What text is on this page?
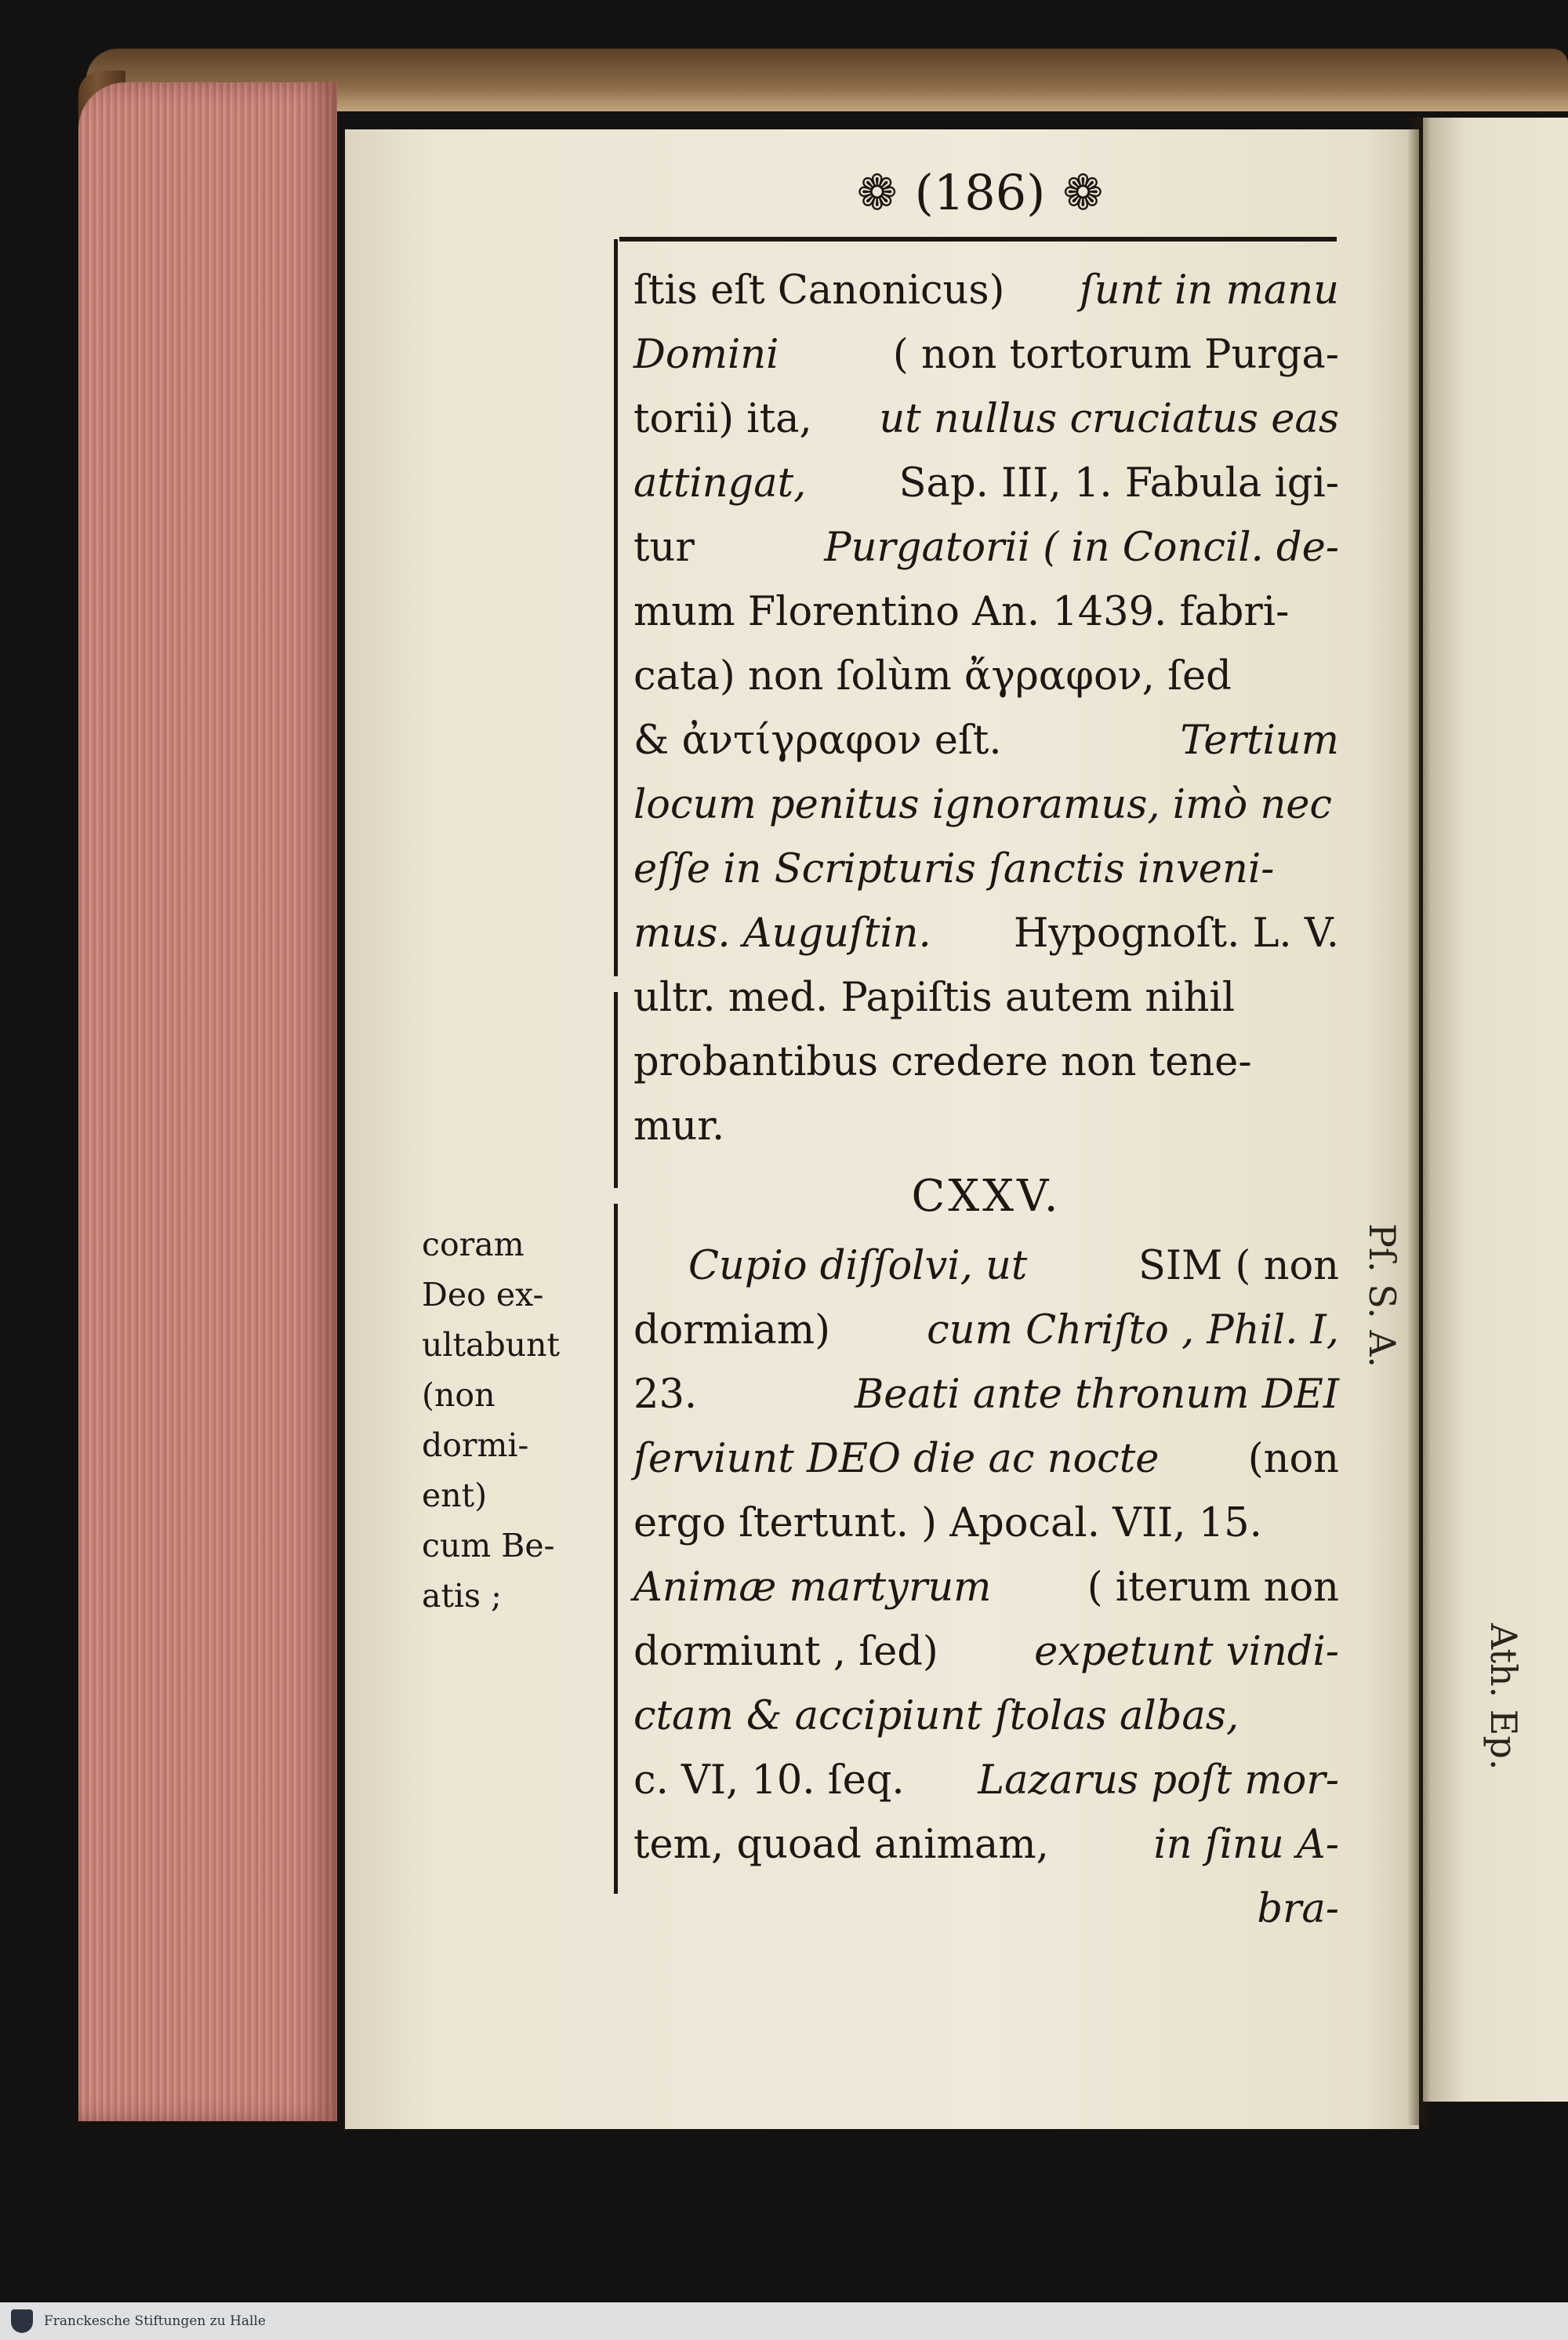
❁ (186) ❁
ſtis eſt Canonicus) ſunt in manu
Domini	( non tortorum Purga-
torii) ita, ut nullus cruciatus eas
attingat, Sap. III, 1. Fabula igi-
tur	Purgatorii ( in Concil. de-
mum Florentino An. 1439. fabri-
cata) non ſolùm ἄγραφον, ſed
& ἀντίγραφον eſt.	Tertium
locum penitus ignoramus, imò nec
eſſe in Scripturis ſanctis inveni-
mus. Auguſtin. Hypognoſt. L. V.
ultr. med. Papiſtis autem nihil
probantibus credere non tene-
mur.
CXXV.
Cupio diſſolvi, ut	SIM ( non
dormiam) cum Chriſto , Phil. I,
23.	Beati ante thronum DEI
ſerviunt DEO die ac nocte (non
ergo ſtertunt. ) Apocal. VII, 15.
Animæ martyrum ( iterum non
dormiunt , ſed) expetunt vindi-
ctam & accipiunt ſtolas albas,
c. VI, 10. ſeq. Lazarus poſt mor-
tem, quoad animam,	in ſinu A-
bra-
coram
Deo ex-
ultabunt
(non
dormi-
ent)
cum Be-
atis ;
Pſ. S. A.
Ath. Ep.
Franckesche Stiftungen zu Halle
